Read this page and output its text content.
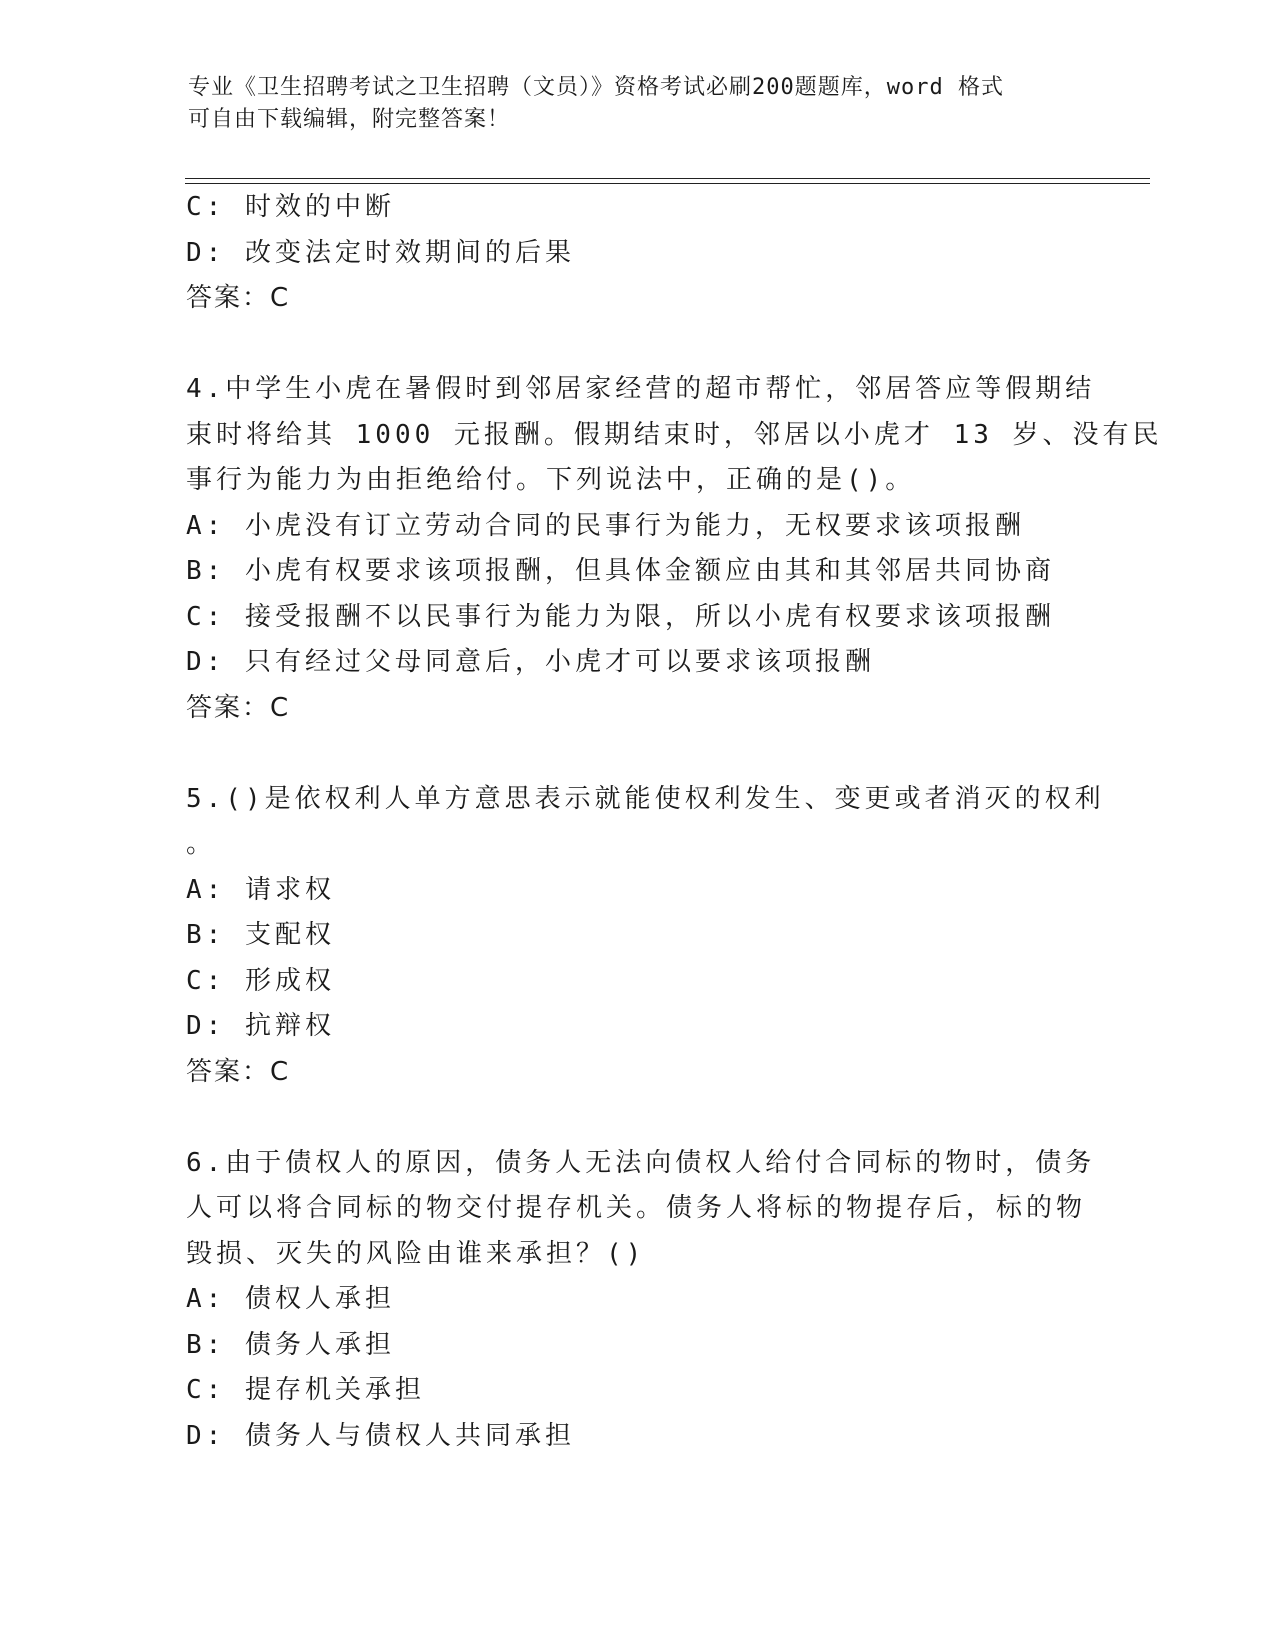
专业《卫生招聘考试之卫生招聘（文员）》资格考试必刷200题题库，word 格式
可自由下载编辑，附完整答案！
C: 时效的中断
D: 改变法定时效期间的后果
答案：C
4.中学生小虎在暑假时到邻居家经营的超市帮忙，邻居答应等假期结
束时将给其 1000 元报酬。假期结束时，邻居以小虎才 13 岁、没有民
事行为能力为由拒绝给付。下列说法中，正确的是()。
A: 小虎没有订立劳动合同的民事行为能力，无权要求该项报酬
B: 小虎有权要求该项报酬，但具体金额应由其和其邻居共同协商
C: 接受报酬不以民事行为能力为限，所以小虎有权要求该项报酬
D: 只有经过父母同意后，小虎才可以要求该项报酬
答案：C
5.()是依权利人单方意思表示就能使权利发生、变更或者消灭的权利
。
A: 请求权
B: 支配权
C: 形成权
D: 抗辩权
答案：C
6.由于债权人的原因，债务人无法向债权人给付合同标的物时，债务
人可以将合同标的物交付提存机关。债务人将标的物提存后，标的物
毁损、灭失的风险由谁来承担？()
A: 债权人承担
B: 债务人承担
C: 提存机关承担
D: 债务人与债权人共同承担
